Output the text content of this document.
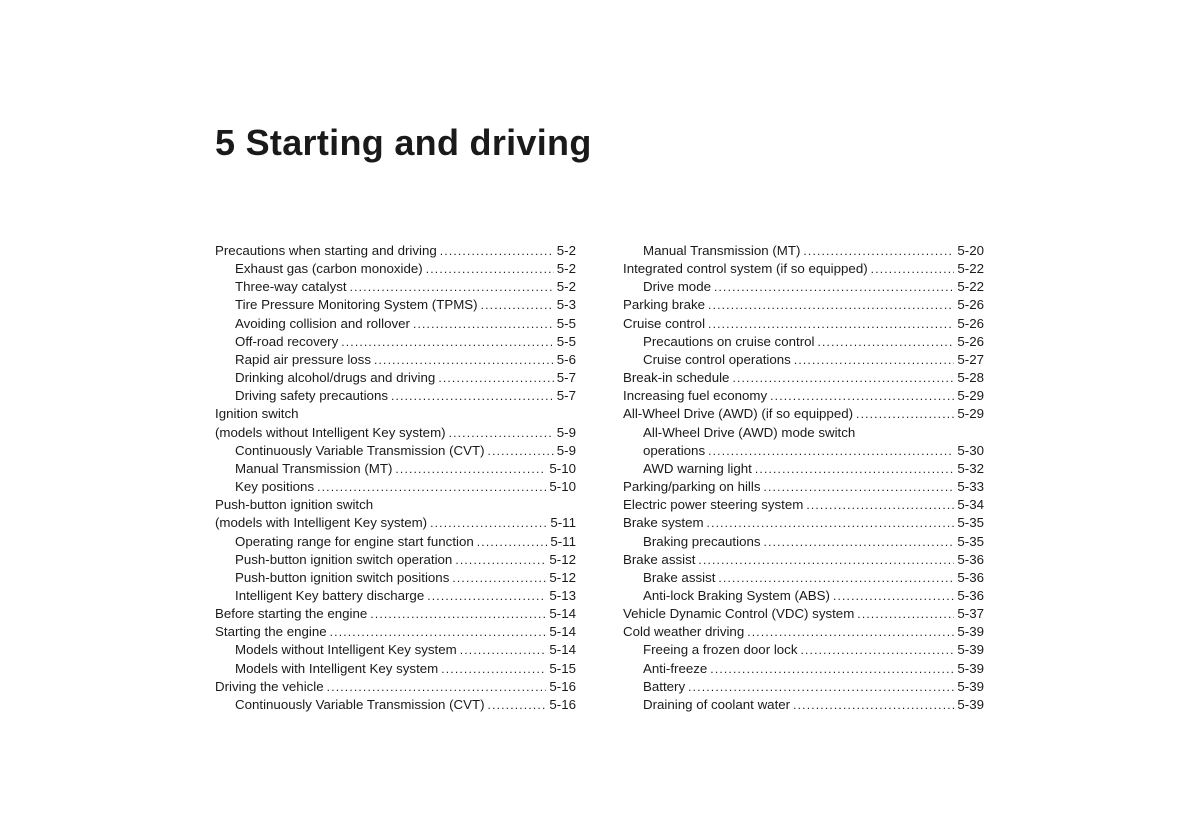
5 Starting and driving
Precautions when starting and driving .....	5-2
Exhaust gas (carbon monoxide) .....	5-2
Three-way catalyst .....	5-2
Tire Pressure Monitoring System (TPMS) .....	5-3
Avoiding collision and rollover .....	5-5
Off-road recovery .....	5-5
Rapid air pressure loss .....	5-6
Drinking alcohol/drugs and driving .....	5-7
Driving safety precautions .....	5-7
Ignition switch
(models without Intelligent Key system) .....	5-9
Continuously Variable Transmission (CVT) .....	5-9
Manual Transmission (MT) .....	5-10
Key positions .....	5-10
Push-button ignition switch
(models with Intelligent Key system) .....	5-11
Operating range for engine start function .....	5-11
Push-button ignition switch operation .....	5-12
Push-button ignition switch positions .....	5-12
Intelligent Key battery discharge .....	5-13
Before starting the engine .....	5-14
Starting the engine .....	5-14
Models without Intelligent Key system .....	5-14
Models with Intelligent Key system .....	5-15
Driving the vehicle .....	5-16
Continuously Variable Transmission (CVT) .....	5-16
Manual Transmission (MT) .....	5-20
Integrated control system (if so equipped) .....	5-22
Drive mode .....	5-22
Parking brake .....	5-26
Cruise control .....	5-26
Precautions on cruise control .....	5-26
Cruise control operations .....	5-27
Break-in schedule .....	5-28
Increasing fuel economy .....	5-29
All-Wheel Drive (AWD) (if so equipped) .....	5-29
All-Wheel Drive (AWD) mode switch
operations .....	5-30
AWD warning light .....	5-32
Parking/parking on hills .....	5-33
Electric power steering system .....	5-34
Brake system .....	5-35
Braking precautions .....	5-35
Brake assist .....	5-36
Brake assist .....	5-36
Anti-lock Braking System (ABS) .....	5-36
Vehicle Dynamic Control (VDC) system .....	5-37
Cold weather driving .....	5-39
Freeing a frozen door lock .....	5-39
Anti-freeze .....	5-39
Battery .....	5-39
Draining of coolant water .....	5-39
